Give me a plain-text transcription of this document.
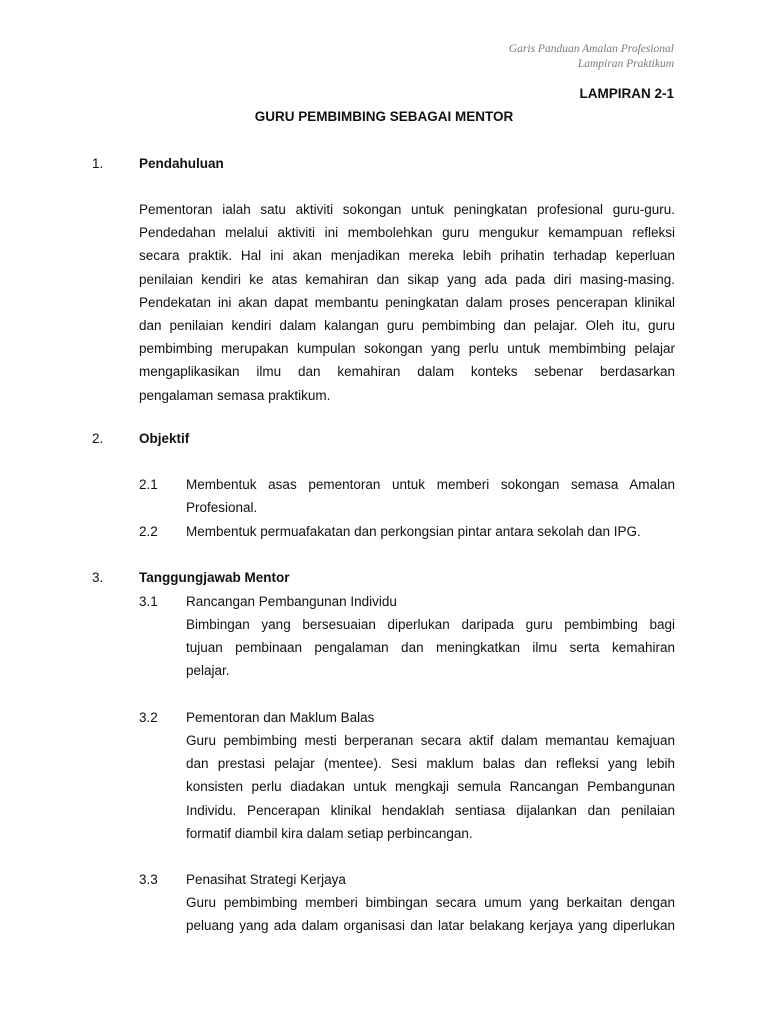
Garis Panduan Amalan Profesional
Lampiran Praktikum
LAMPIRAN 2-1
GURU PEMBIMBING SEBAGAI MENTOR
1.	Pendahuluan
Pementoran ialah satu aktiviti sokongan untuk peningkatan profesional guru-guru.
Pendedahan melalui aktiviti ini membolehkan guru mengukur kemampuan refleksi
secara praktik. Hal ini akan menjadikan mereka lebih prihatin terhadap keperluan
penilaian kendiri ke atas kemahiran dan sikap yang ada pada diri masing-masing.
Pendekatan ini akan dapat membantu peningkatan dalam proses pencerapan klinikal
dan penilaian kendiri dalam kalangan guru pembimbing dan pelajar. Oleh itu, guru
pembimbing merupakan kumpulan sokongan yang perlu untuk membimbing pelajar
mengaplikasikan ilmu dan kemahiran dalam konteks sebenar berdasarkan
pengalaman semasa praktikum.
2.	Objektif
2.1 Membentuk asas pementoran untuk memberi sokongan semasa Amalan
Profesional.
2.2 Membentuk permuafakatan dan perkongsian pintar antara sekolah dan IPG.
3.	Tanggungjawab Mentor
3.1 Rancangan Pembangunan Individu
Bimbingan yang bersesuaian diperlukan daripada guru pembimbing bagi
tujuan pembinaan pengalaman dan meningkatkan ilmu serta kemahiran
pelajar.
3.2 Pementoran dan Maklum Balas
Guru pembimbing mesti berperanan secara aktif dalam memantau kemajuan
dan prestasi pelajar (mentee). Sesi maklum balas dan refleksi yang lebih
konsisten perlu diadakan untuk mengkaji semula Rancangan Pembangunan
Individu. Pencerapan klinikal hendaklah sentiasa dijalankan dan penilaian
formatif diambil kira dalam setiap perbincangan.
3.3 Penasihat Strategi Kerjaya
Guru pembimbing memberi bimbingan secara umum yang berkaitan dengan
peluang yang ada dalam organisasi dan latar belakang kerjaya yang diperlukan
